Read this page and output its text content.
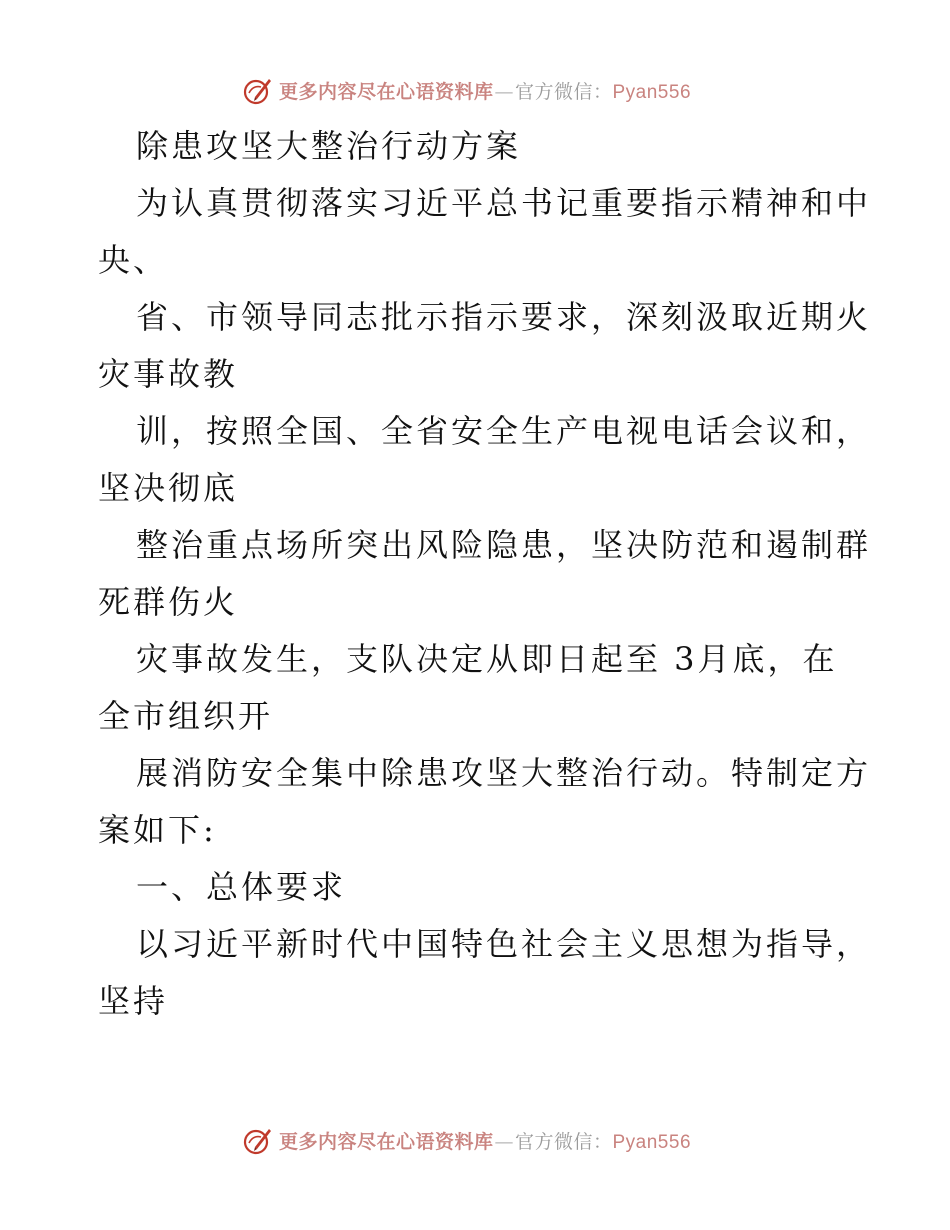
更多内容尽在心语资料库—官方微信：Pyan556
除患攻坚大整治行动方案
为认真贯彻落实习近平总书记重要指示精神和中
央、
省、市领导同志批示指示要求，深刻汲取近期火
灾事故教
训，按照全国、全省安全生产电视电话会议和，
坚决彻底
整治重点场所突出风险隐患，坚决防范和遏制群
死群伤火
灾事故发生，支队决定从即日起至 3月底，在
全市组织开
展消防安全集中除患攻坚大整治行动。特制定方
案如下:
一、总体要求
以习近平新时代中国特色社会主义思想为指导，
坚持
更多内容尽在心语资料库—官方微信：Pyan556
